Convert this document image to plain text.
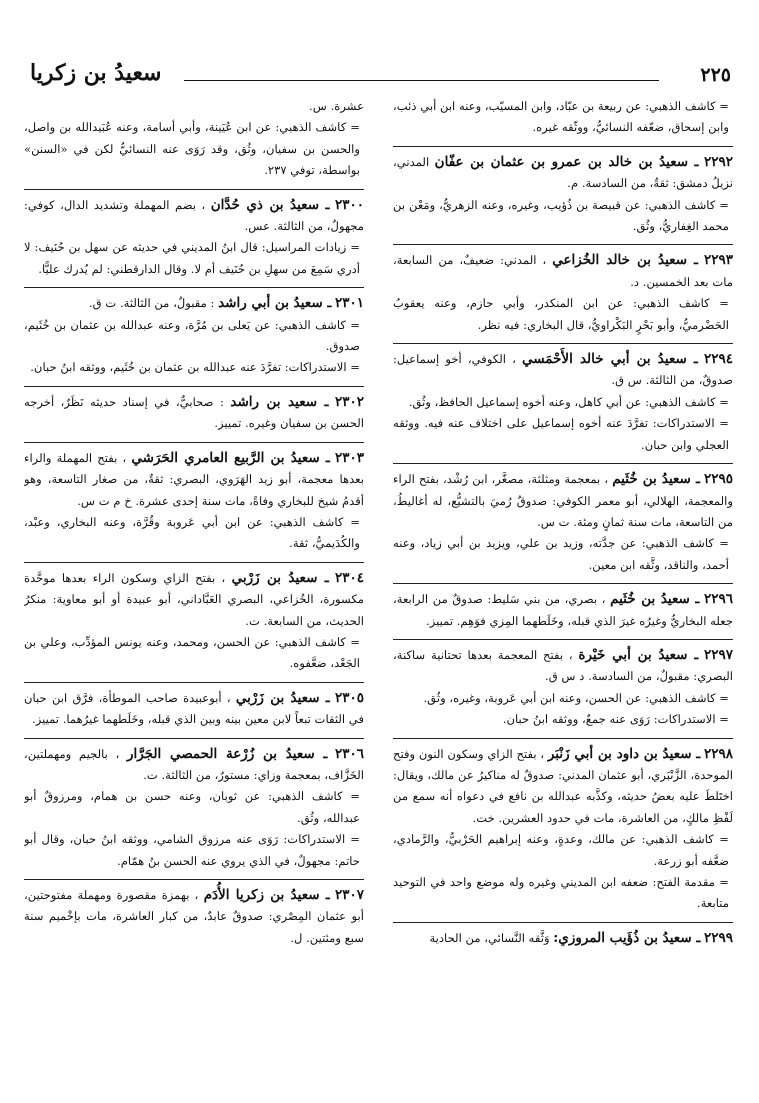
٢٢٥
سعيدُ بن زكريا

= كاشف الذهبي: عن ربيعة بن عبّاد، وابن المسيّب، وعنه ابن أبي ذئب، وابن إسحاق، ضعّفه النسائيُّ، ووثّقه غيره.

٢٢٩٢ ـ سعيدُ بن خالد بن عمرو بن عثمان بن عفّان المدني، نزيلُ دمشق: ثقةٌ، من السادسة. م.

= كاشف الذهبي: عن قبيصة بن ذُؤيب، وغيره، وعنه الزهريُّ، ومَعْن بن محمد الغِفاريُّ، وثُق.

٢٢٩٣ ـ سعيدُ بن خالد الخُزاعي ، المدني: ضعيفٌ، من السابعة، مات بعد الخمسين. د.

= كاشف الذهبي: عن ابن المنكدر، وأبي حازم، وعنه يعقوبُ الحَضْرميُّ، وأبو بَحْرٍ البَكْراويُّ، قال البخاري: فيه نظر.

٢٢٩٤ ـ سعيدُ بن أبي خالد الأَحْمَسي ، الكوفي، أخو إسماعيل: صدوقٌ، من الثالثة. س ق.

= كاشف الذهبي: عن أبي كاهل، وعنه أخوه إسماعيل الحافظ، وثُق.

= الاستدراكات: تفرَّدَ عنه أخوه إسماعيل على اختلاف عنه فيه. ووثقه العجلي وابن حبان.

٢٢٩٥ ـ سعيدُ بن خُثَيم ، بمعجمة ومثلثة، مصغَّر، ابن رُشْد، بفتح الراء والمعجمة، الهلالي، أبو معمر الكوفي: صدوقٌ رُميَ بالتشيُّع، له أغاليطُ، من التاسعة، مات سنة ثمانٍ ومئة. ت س.

= كاشف الذهبي: عن جدَّته، وزيد بن علي، ويزيد بن أبي زياد، وعنه أحمد، والناقد، وثَّقه ابن معين.

٢٢٩٦ ـ سعيدُ بن خُثَيم ، بصري، من بني سَليط: صدوقٌ من الرابعة، جعله البخاريُّ وغيرُه غيرَ الذي قبله، وخَلَطهما المِزي فوَهِم. تمييز.

٢٢٩٧ ـ سعيدُ بن أبي خَيْرة ، بفتح المعجمة بعدها تحتانية ساكنة، البصري: مقبولٌ، من السادسة. د س ق.

= كاشف الذهبي: عن الحسن، وعنه ابن أبي عَروبة، وغيره، وثُق.

= الاستدراكات: رَوَى عنه جمعٌ، ووثقه ابنُ حبان.

٢٢٩٨ ـ سعيدُ بن داود بن أبي زَنْبَر ، بفتح الزاي وسكون النون وفتح الموحدة، الزَّنْبَري، أبو عثمان المدني: صدوقٌ له مناكيرُ عن مالك، ويقال: اختَلطَ عليه بعضُ حديثه، وكذَّبه عبدالله بن نافع في دعواه أنه سمع من لَفْظِ مالكٍ، من العاشرة، مات في حدود العشرين. خت.

= كاشف الذهبي: عن مالك، وعدةٍ، وعنه إبراهيم الحَرْبيُّ، والرَّمادي، ضعَّفه أبو زرعة.

= مقدمة الفتح: ضعفه ابن المديني وغيره وله موضع واحد في التوحيد متابعة.

٢٢٩٩ ـ سعيدُ بن ذُؤَيب المروزي: وَثَّقه النَّسائي، من الحادية

عشرة. س.

= كاشف الذهبي: عن ابن عُيَينة، وأبي أسامة، وعنه عُبَيدالله بن واصل، والحسن بن سفيان، وثُق، وقد رَوَى عنه النسائيُّ لكن في «السنن» بواسطة، توفي ٢٣٧.

٢٣٠٠ ـ سعيدُ بن ذي حُدَّان ، بضم المهملة وتشديد الدال، كوفي: مجهولٌ، من الثالثة. عس.

= زيادات المراسيل: قال ابنُ المديني في حديثه عن سهل بن حُنَيف: لا أدري سَمِعَ من سهلِ بن حُنَيف أم لا. وقال الدارقطني: لم يُدرك عليًّا.

٢٣٠١ ـ سعيدُ بن أبي راشد : مقبولٌ، من الثالثة. ت ق.

= كاشف الذهبي: عن يَعلى بن مُرَّة، وعنه عبدالله بن عثمان بن خُثَيم، صدوق.

= الاستدراكات: تفرَّدَ عنه عبدالله بن عثمان بن خُثَيم، ووثقه ابنُ حبان.

٢٣٠٢ ـ سعيد بن راشد : صحابيٌّ، في إسناد حديثه نَظَرٌ، أخرجه الحسن بن سفيان وغيره. تمييز.

٢٣٠٣ ـ سعيدُ بن الرَّبيع العامري الحَرَشي ، بفتح المهملة والراء بعدها معجمة، أبو زيد الهَرَوي، البصري: ثقةٌ، من صغار التاسعة، وهو أقدمُ شيخ للبخاري وفاةً، مات سنة إحدى عشرة. خ م ت س.

= كاشف الذهبي: عن ابن أبي عَروبة وقُرَّة، وعنه البخاري، وعبْد، والكُدَيميُّ، ثقة.

٢٣٠٤ ـ سعيدُ بن زَرْبي ، بفتح الزاي وسكون الراء بعدها موحَّدة مكسورة، الخُزاعي، البصري العَبَّاداني، أبو عبيدة أو أبو معاوية: منكرُ الحديث، من السابعة. ت.

= كاشف الذهبي: عن الحسن، ومحمد، وعنه يونس المؤدِّب، وعلي بن الجَعْد، ضعَّفوه.

٢٣٠٥ ـ سعيدُ بن زَرْبي ، أبوعبيدة صاحب الموطأة، فرَّق ابن حبان في الثقات تبعاً لابن معين بينه وبين الذي قبله، وخَلَطهما غيرُهما. تمييز.

٢٣٠٦ ـ سعيدُ بن زُرْعة الحمصي الجَرَّار ، بالجيم ومهملتين، الخَزَّاف، بمعجمة وزاي: مستورٌ، من الثالثة. ت.

= كاشف الذهبي: عن ثوبان، وعنه حسن بن همام، ومرزوقٌ أبو عبدالله، وثُق.

= الاستدراكات: رَوَى عنه مرزوق الشامي، ووثقه ابنُ حبان، وقال أبو حاتم: مجهولٌ، في الذي يروي عنه الحسن بنُ همّام.

٢٣٠٧ ـ سعيدُ بن زكريا الأُدَم ، بهمزة مقصورة ومهملة مفتوحتين، أبو عثمان المِصْري: صدوقٌ عابدٌ، من كبار العاشرة، مات بإخْميم سنة سبع ومئتين. ل.
